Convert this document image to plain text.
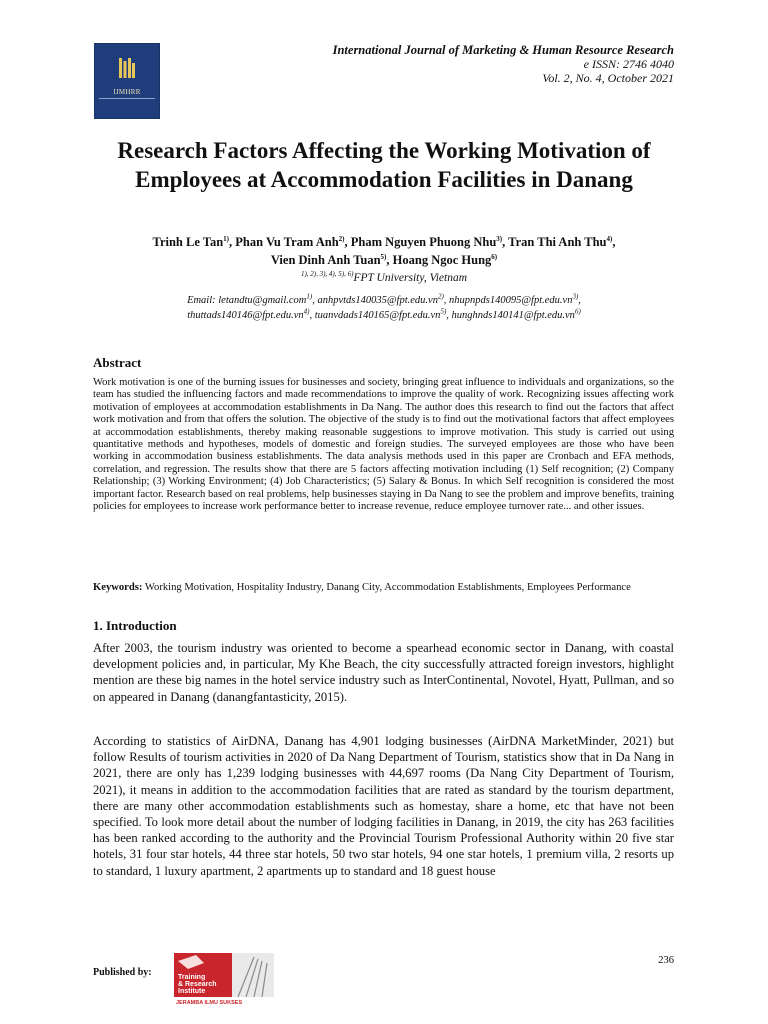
IJMHRR
International Journal of Marketing & Human Resource Research
e ISSN: 2746 4040
Vol. 2, No. 4, October 2021
Research Factors Affecting the Working Motivation of Employees at Accommodation Facilities in Danang
Trinh Le Tan$^{1)}$, Phan Vu Tram Anh$^{2)}$, Pham Nguyen Phuong Nhu$^{3)}$, Tran Thi Anh Thu$^{4)}$,
Vien Dinh Anh Tuan$^{5)}$, Hoang Ngoc Hung$^{6)}$
$^{1), 2), 3), 4), 5), 6)}$FPT University, Vietnam
Email: letandtu@gmail.com$^{1)}$, $anhpvtds140035@fpt.edu.vn^{2)}$, $nhupnpds140095@fpt.edu.vn^{3)}$,
$thuttads140146@fpt.edu.vn^{4)}$, $tuanvdads140165@fpt.edu.vn^{5)}$, $hunghnds140141@fpt.edu.vn^{6)}$
Abstract

Work motivation is one of the burning issues for businesses and society, bringing great influence to individuals and organizations, so the team has studied the influencing factors and made recommendations to improve the quality of work. Recognizing issues affecting work motivation of employees at accommodation establishments in Da Nang. The author does this research to find out the factors that affect work motivation and from that offers the solution. The objective of the study is to find out the motivational factors that affect employees at accommodation establishments, thereby making reasonable suggestions to improve motivation. This study is carried out using quantitative methods and hypotheses, models of domestic and foreign studies. The surveyed employees are those who have been working in accommodation business establishments. The data analysis methods used in this paper are Cronbach and EFA methods, correlation, and regression. The results show that there are 5 factors affecting motivation including (1) Self recognition; (2) Company Relationship; (3) Working Environment; (4) Job Characteristics; (5) Salary & Bonus. In which Self recognition is considered the most important factor. Research based on real problems, help businesses staying in Da Nang to see the problem and improve benefits, training policies for employees to increase work performance better to increase revenue, reduce employee turnover rate... and other issues.

Keywords: Working Motivation, Hospitality Industry, Danang City, Accommodation Establishments, Employees Performance

1. Introduction

After 2003, the tourism industry was oriented to become a spearhead economic sector in Danang, with coastal development policies and, in particular, My Khe Beach, the city successfully attracted foreign investors, highlight mention are these big names in the hotel service industry such as InterContinental, Novotel, Hyatt, Pullman, and so on appeared in Danang (danangfantasticity, 2015).

According to statistics of AirDNA, Danang has 4,901 lodging businesses (AirDNA MarketMinder, 2021) but follow Results of tourism activities in 2020 of Da Nang Department of Tourism, statistics show that in Da Nang in 2021, there are only has 1,239 lodging businesses with 44,697 rooms (Da Nang City Department of Tourism, 2021), it means in addition to the accommodation facilities that are rated as standard by the tourism department, there are many other accommodation establishments such as homestay, share a home, etc that have not been specified. To look more detail about the number of lodging facilities in Danang, in 2019, the city has 263 facilities has been ranked according to the authority and the Provincial Tourism Professional Authority within 20 five star hotels, 31 four star hotels, 44 three star hotels, 50 two star hotels, 94 one star hotels, 1 premium villa, 2 resorts up to standard, 1 luxury apartment, 2 apartments up to standard and 18 guest house

236
Published by:	Training
& Research
Institute
JERAMBA ILMU SUKSES
